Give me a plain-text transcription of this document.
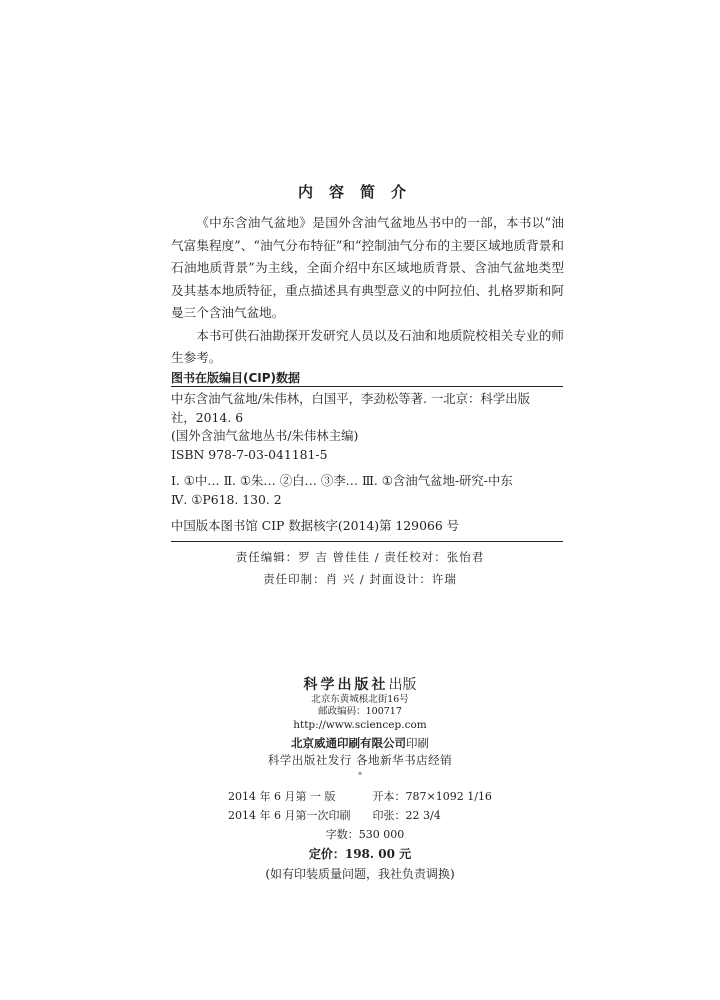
内容简介

《中东含油气盆地》是国外含油气盆地丛书中的一部，本书以“油气富集程度”、“油气分布特征”和“控制油气分布的主要区域地质背景和石油地质背景”为主线，全面介绍中东区域地质背景、含油气盆地类型及其基本地质特征，重点描述具有典型意义的中阿拉伯、扎格罗斯和阿曼三个含油气盆地。

本书可供石油勘探开发研究人员以及石油和地质院校相关专业的师生参考。

图书在版编目(CIP)数据
中东含油气盆地/朱伟林，白国平，李劲松等著. 一北京：科学出版
社，2014. 6
(国外含油气盆地丛书/朱伟林主编)
ISBN 978-7-03-041181-5
Ⅰ. ①中… Ⅱ. ①朱… ②白… ③李… Ⅲ. ①含油气盆地-研究-中东
Ⅳ. ①P618. 130. 2
中国版本图书馆 CIP 数据核字(2014)第 129066 号
责任编辑：罗 吉 曾佳佳 / 责任校对：张怡君
责任印制：肖 兴 / 封面设计：许瑞
科学出版社出版
北京东黄城根北街16号
邮政编码：100717
http://www.sciencep.com
北京威通印刷有限公司印刷
科学出版社发行 各地新华书店经销
*
2014 年 6 月第 一 版	开本：787×1092 1/16
2014 年 6 月第一次印刷	印张：22 3/4
字数：530 000
定价：198. 00 元
(如有印装质量问题，我社负责调换)
